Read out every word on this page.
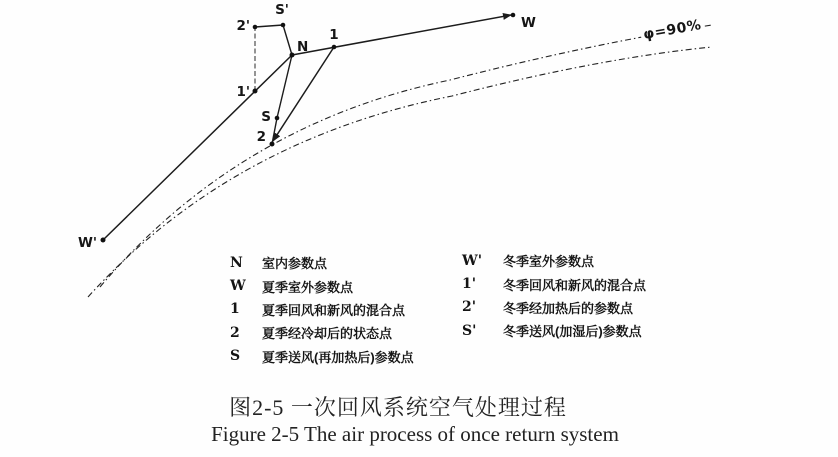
2'
S'
N
1
W
1'
S
2
W'
φ=90%
N	室内参数点
W	夏季室外参数点
1	夏季回风和新风的混合点
2	夏季经冷却后的状态点
S	夏季送风(再加热后)参数点
W'	冬季室外参数点
1'	冬季回风和新风的混合点
2'	冬季经加热后的参数点
S'	冬季送风(加湿后)参数点
图2-5 一次回风系统空气处理过程
Figure 2-5 The air process of once return system
